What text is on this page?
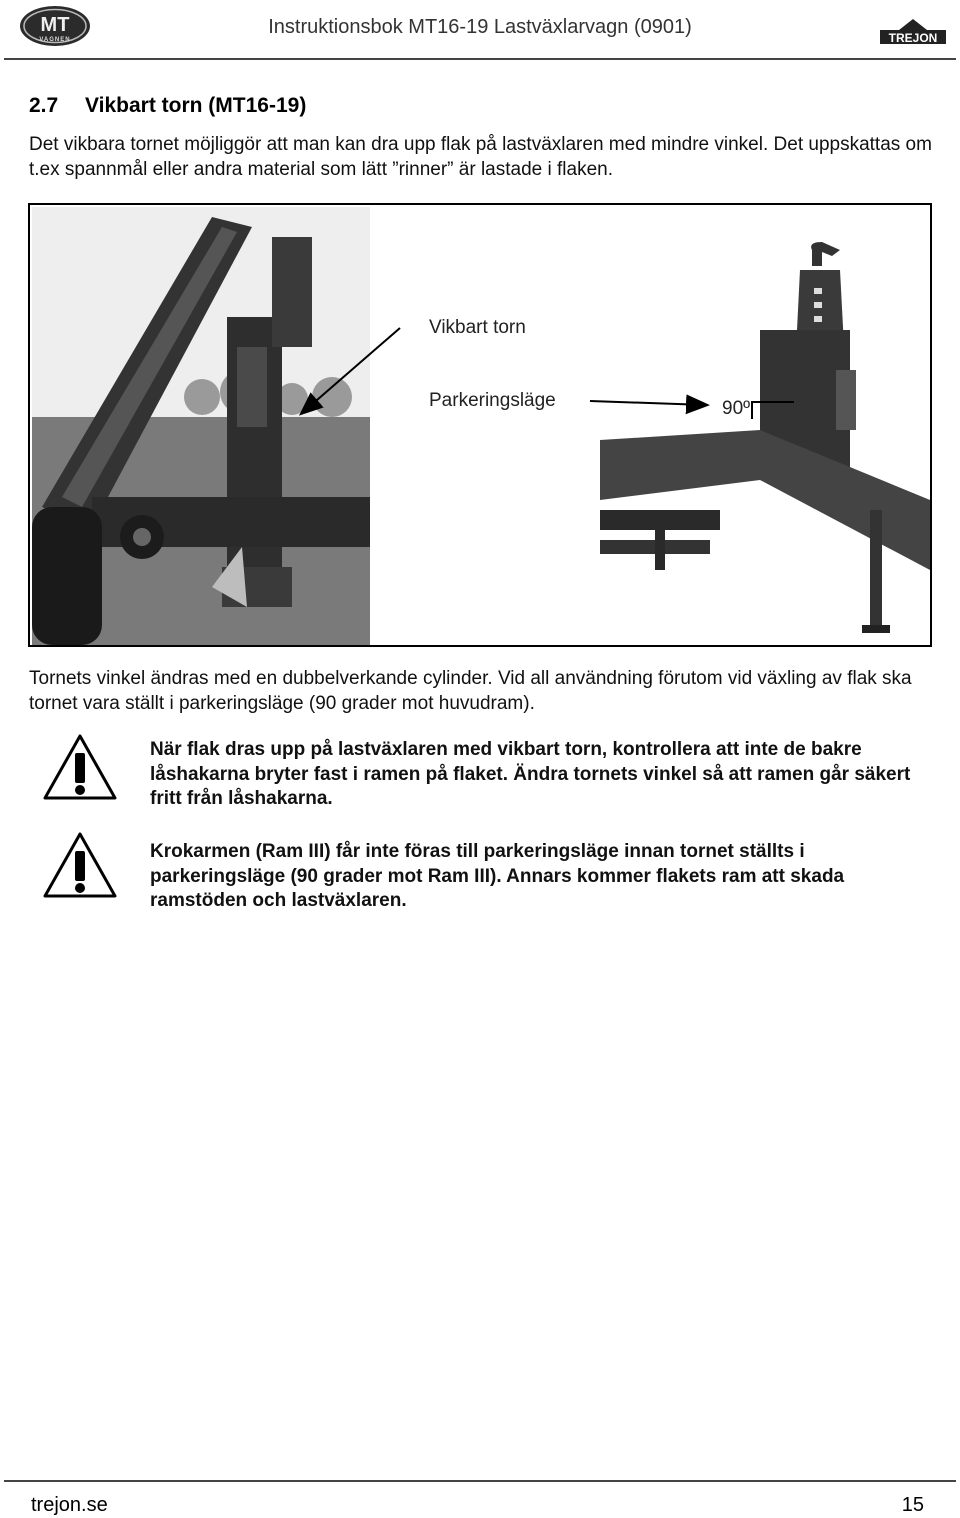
MT
VAGNEN
Instruktionsbok MT16-19 Lastväxlarvagn (0901)	TREJON
2.7 Vikbart torn (MT16-19)
Det vikbara tornet möjliggör att man kan dra upp flak på lastväxlaren med mindre vinkel. Det uppskattas om t.ex spannmål eller andra material som lätt ”rinner” är lastade i flaken.
Vikbart torn
Parkeringsläge	90º
Tornets vinkel ändras med en dubbelverkande cylinder. Vid all användning förutom vid växling av flak ska tornet vara ställt i parkeringsläge (90 grader mot huvudram).
När flak dras upp på lastväxlaren med vikbart torn, kontrollera att inte de bakre låshakarna bryter fast i ramen på flaket. Ändra tornets vinkel så att ramen går säkert fritt från låshakarna.
Krokarmen (Ram III) får inte föras till parkeringsläge innan tornet ställts i parkeringsläge (90 grader mot Ram III). Annars kommer flakets ram att skada ramstöden och lastväxlaren.
trejon.se	15
